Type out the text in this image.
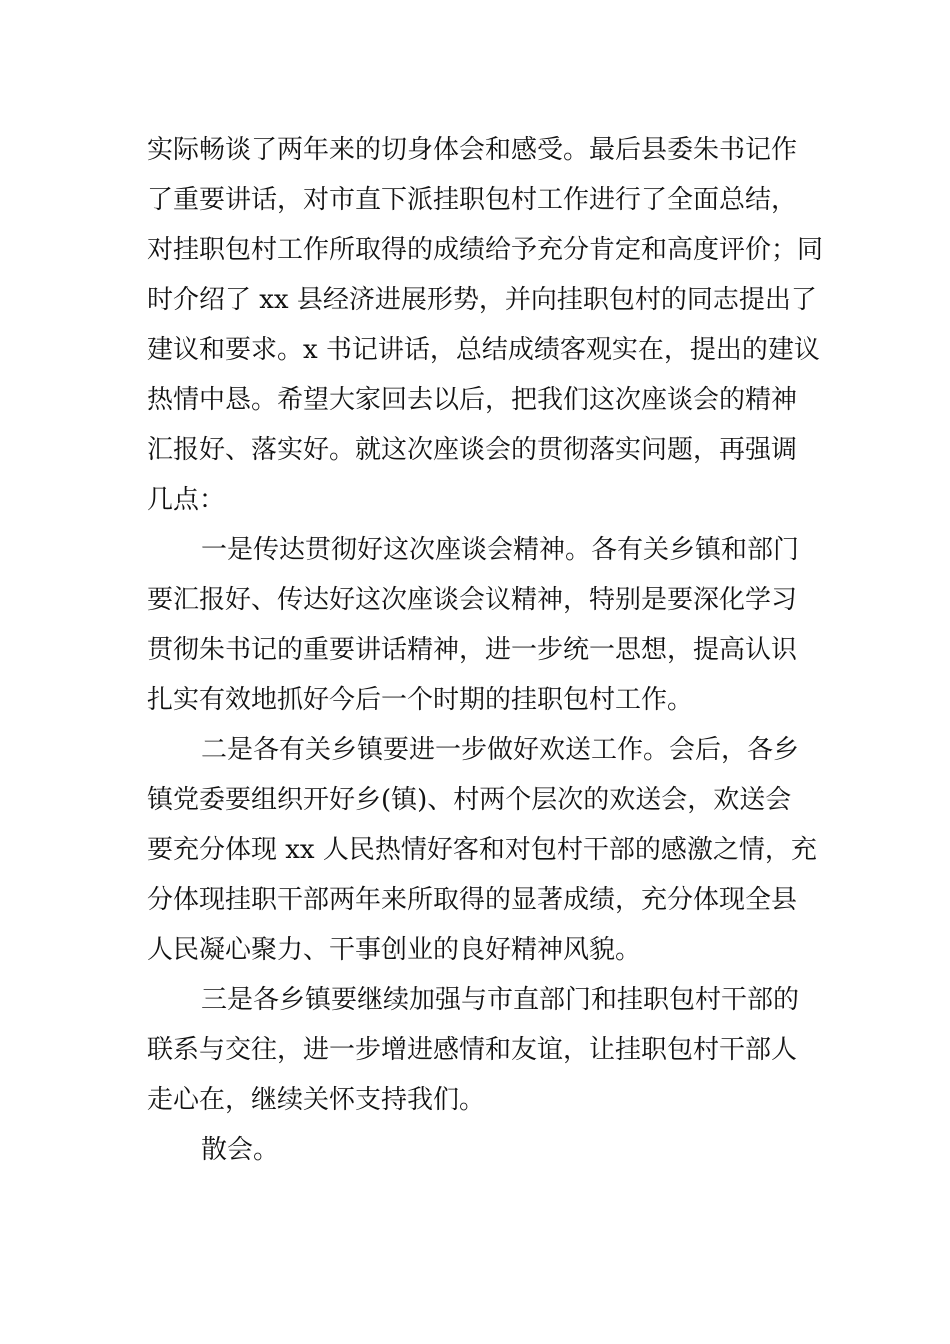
实际畅谈了两年来的切身体会和感受。最后县委朱书记作
了重要讲话，对市直下派挂职包村工作进行了全面总结，
对挂职包村工作所取得的成绩给予充分肯定和高度评价；同
时介绍了 xx 县经济进展形势，并向挂职包村的同志提出了
建议和要求。x 书记讲话，总结成绩客观实在，提出的建议
热情中恳。希望大家回去以后，把我们这次座谈会的精神
汇报好、落实好。就这次座谈会的贯彻落实问题，再强调
几点：
一是传达贯彻好这次座谈会精神。各有关乡镇和部门
要汇报好、传达好这次座谈会议精神，特别是要深化学习
贯彻朱书记的重要讲话精神，进一步统一思想，提高认识
扎实有效地抓好今后一个时期的挂职包村工作。
二是各有关乡镇要进一步做好欢送工作。会后，各乡
镇党委要组织开好乡(镇)、村两个层次的欢送会，欢送会
要充分体现 xx 人民热情好客和对包村干部的感激之情，充
分体现挂职干部两年来所取得的显著成绩，充分体现全县
人民凝心聚力、干事创业的良好精神风貌。
三是各乡镇要继续加强与市直部门和挂职包村干部的
联系与交往，进一步增进感情和友谊，让挂职包村干部人
走心在，继续关怀支持我们。
散会。
